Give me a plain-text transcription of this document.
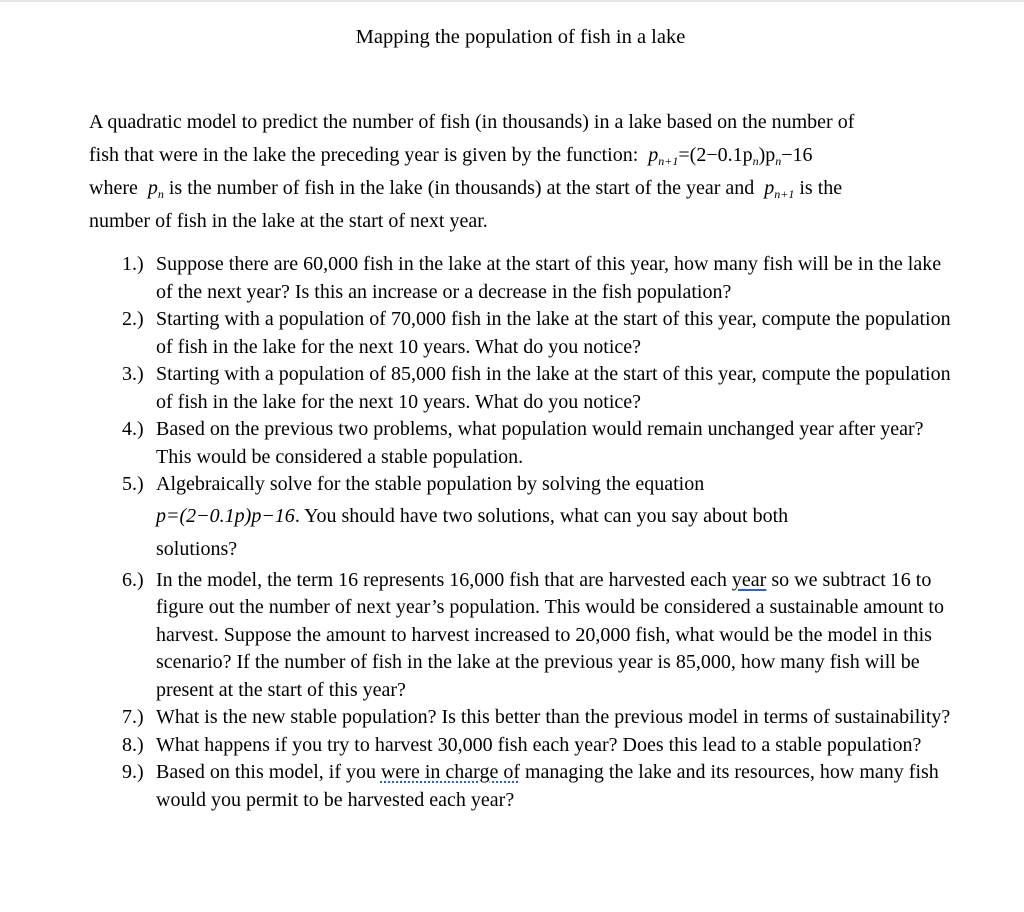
Mapping the population of fish in a lake
A quadratic model to predict the number of fish (in thousands) in a lake based on the number of
fish that were in the lake the preceding year is given by the function: $p_{n+1}=(2-0.1p_n)p_n-16$
where $p_n$ is the number of fish in the lake (in thousands) at the start of the year and $p_{n+1}$ is the
number of fish in the lake at the start of next year.
1.) Suppose there are 60,000 fish in the lake at the start of this year, how many fish will be in the lake of the next year? Is this an increase or a decrease in the fish population?
2.) Starting with a population of 70,000 fish in the lake at the start of this year, compute the population of fish in the lake for the next 10 years. What do you notice?
3.) Starting with a population of 85,000 fish in the lake at the start of this year, compute the population of fish in the lake for the next 10 years. What do you notice?
4.) Based on the previous two problems, what population would remain unchanged year after year? This would be considered a stable population.
5.) Algebraically solve for the stable population by solving the equation
p=(2−0.1p)p−16. You should have two solutions, what can you say about both
solutions?
6.) In the model, the term 16 represents 16,000 fish that are harvested each year so we subtract 16 to figure out the number of next year’s population. This would be considered a sustainable amount to harvest. Suppose the amount to harvest increased to 20,000 fish, what would be the model in this scenario? If the number of fish in the lake at the previous year is 85,000, how many fish will be present at the start of this year?
7.) What is the new stable population? Is this better than the previous model in terms of sustainability?
8.) What happens if you try to harvest 30,000 fish each year? Does this lead to a stable population?
9.) Based on this model, if you were in charge of managing the lake and its resources, how many fish would you permit to be harvested each year?
